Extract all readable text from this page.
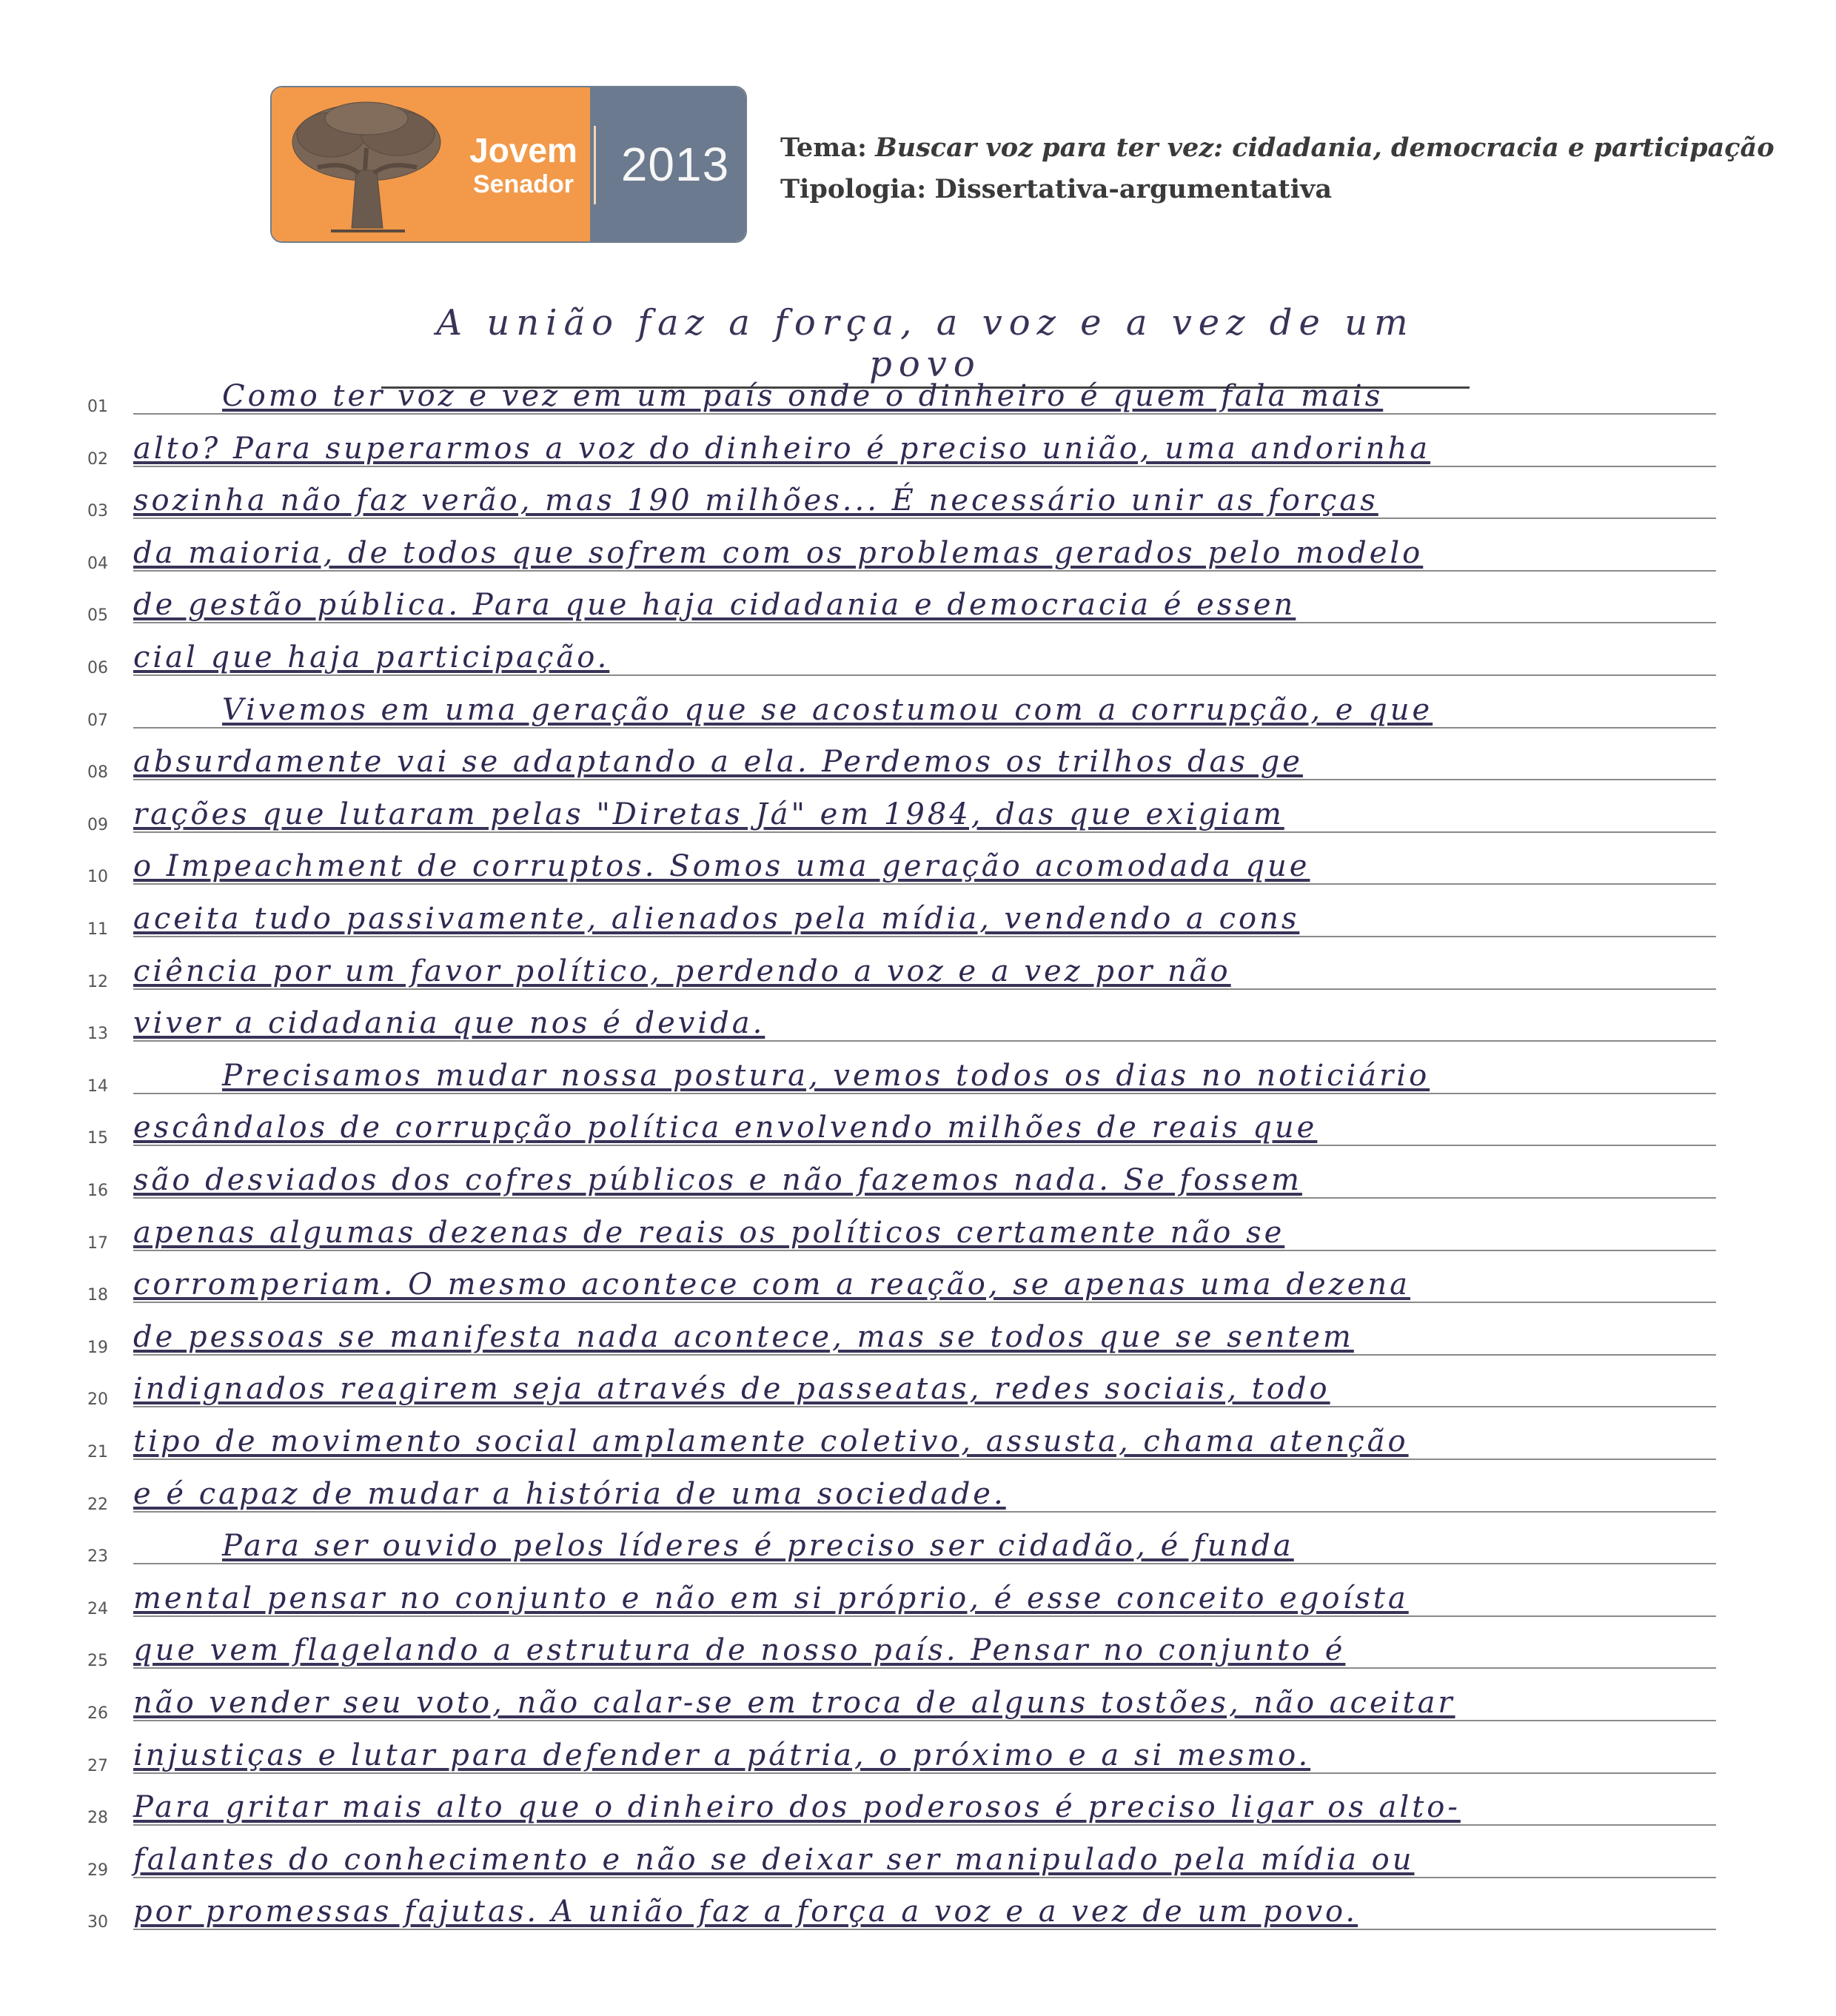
Jovem
Senador 2013 Tema: Buscar voz para ter vez: cidadania, democracia e participação
Tipologia: Dissertativa-argumentativa
A união faz a força, a voz e a vez de um povo
01	Como ter voz e vez em um país onde o dinheiro é quem fala mais
02 alto? Para superarmos a voz do dinheiro é preciso união, uma andorinha
03 sozinha não faz verão, mas 190 milhões... É necessário unir as forças
04 da maioria, de todos que sofrem com os problemas gerados pelo modelo
05 de gestão pública. Para que haja cidadania e democracia é essen
06 cial que haja participação.
07	Vivemos em uma geração que se acostumou com a corrupção, e que
08 absurdamente vai se adaptando a ela. Perdemos os trilhos das ge
09 rações que lutaram pelas "Diretas Já" em 1984, das que exigiam
10 o Impeachment de corruptos. Somos uma geração acomodada que
11 aceita tudo passivamente, alienados pela mídia, vendendo a cons
12 ciência por um favor político, perdendo a voz e a vez por não
13 viver a cidadania que nos é devida.
14	Precisamos mudar nossa postura, vemos todos os dias no noticiário
15 escândalos de corrupção política envolvendo milhões de reais que
16 são desviados dos cofres públicos e não fazemos nada. Se fossem
17 apenas algumas dezenas de reais os políticos certamente não se
18 corromperiam. O mesmo acontece com a reação, se apenas uma dezena
19 de pessoas se manifesta nada acontece, mas se todos que se sentem
20 indignados reagirem seja através de passeatas, redes sociais, todo
21 tipo de movimento social amplamente coletivo, assusta, chama atenção
22 e é capaz de mudar a história de uma sociedade.
23	Para ser ouvido pelos líderes é preciso ser cidadão, é funda
24 mental pensar no conjunto e não em si próprio, é esse conceito egoísta
25 que vem flagelando a estrutura de nosso país. Pensar no conjunto é
26 não vender seu voto, não calar-se em troca de alguns tostões, não aceitar
27 injustiças e lutar para defender a pátria, o próximo e a si mesmo.
28 Para gritar mais alto que o dinheiro dos poderosos é preciso ligar os alto-
29 falantes do conhecimento e não se deixar ser manipulado pela mídia ou
30 por promessas fajutas. A união faz a força a voz e a vez de um povo.
